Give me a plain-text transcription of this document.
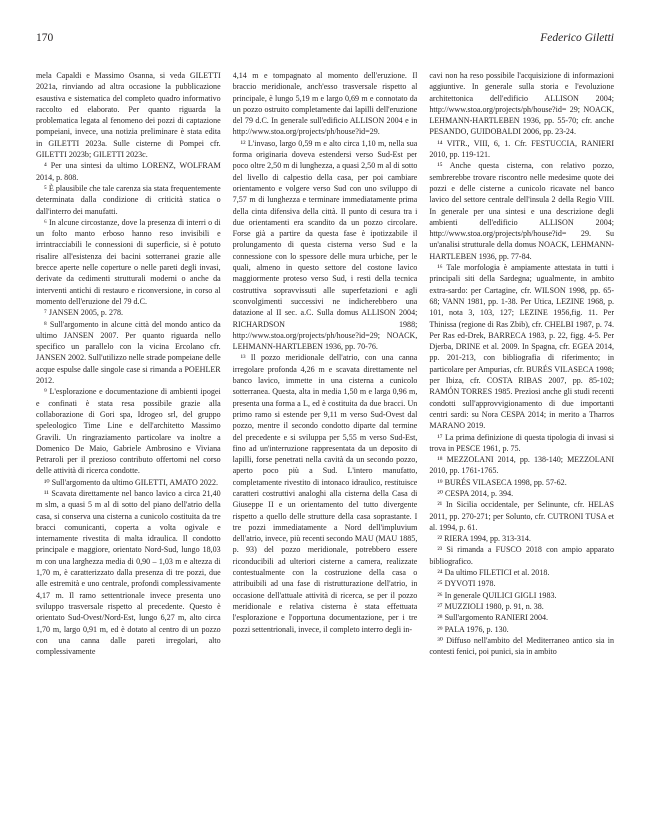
170	Federico Giletti

mela Capaldi e Massimo Osanna, si veda GILETTI 2021a, rinviando ad altra occasione la pubblicazione esaustiva e sistematica del completo quadro informativo raccolto ed elaborato. Per quanto riguarda la problematica legata al fenomeno dei pozzi di captazione pompeiani, invece, una notizia preliminare è stata edita in GILETTI 2023a. Sulle cisterne di Pompei cfr. GILETTI 2023b; GILETTI 2023c.

⁴ Per una sintesi da ultimo LORENZ, WOLFRAM 2014, p. 808.

⁵ È plausibile che tale carenza sia stata frequentemente determinata dalla condizione di criticità statica o dall'interro dei manufatti.

⁶ In alcune circostanze, dove la presenza di interri o di un folto manto erboso hanno reso invisibili e irrintracciabili le connessioni di superficie, si è potuto risalire all'esistenza dei bacini sotterranei grazie alle brecce aperte nelle coperture o nelle pareti degli invasi, derivate da cedimenti strutturali moderni o anche da interventi antichi di restauro e riconversione, in corso al momento dell'eruzione del 79 d.C.

⁷ JANSEN 2005, p. 278.

⁸ Sull'argomento in alcune città del mondo antico da ultimo JANSEN 2007. Per quanto riguarda nello specifico un parallelo con la vicina Ercolano cfr. JANSEN 2002. Sull'utilizzo nelle strade pompeiane delle acque espulse dalle singole case si rimanda a POEHLER 2012.

⁹ L'esplorazione e documentazione di ambienti ipogei e confinati è stata resa possibile grazie alla collaborazione di Gori spa, Idrogeo srl, del gruppo speleologico Time Line e dell'architetto Massimo Gravili. Un ringraziamento particolare va inoltre a Domenico De Maio, Gabriele Ambrosino e Viviana Petraroli per il prezioso contributo offertomi nel corso delle attività di ricerca condotte.

¹⁰ Sull'argomento da ultimo GILETTI, AMATO 2022.

¹¹ Scavata direttamente nel banco lavico a circa 21,40 m slm, a quasi 5 m al di sotto del piano dell'atrio della casa, si conserva una cisterna a cunicolo costituita da tre bracci comunicanti, coperta a volta ogivale e internamente rivestita di malta idraulica. Il condotto principale e maggiore, orientato Nord-Sud, lungo 18,03 m con una larghezza media di 0,90 – 1,03 m e altezza di 1,70 m, è caratterizzato dalla presenza di tre pozzi, due alle estremità e uno centrale, profondi complessivamente 4,17 m. Il ramo settentrionale invece presenta uno sviluppo trasversale rispetto al precedente. Questo è orientato Sud-Ovest/Nord-Est, lungo 6,27 m, alto circa 1,70 m, largo 0,91 m, ed è dotato al centro di un pozzo con una canna dalle pareti irregolari, alto complessivamente

4,14 m e tompagnato al momento dell'eruzione. Il braccio meridionale, anch'esso trasversale rispetto al principale, è lungo 5,19 m e largo 0,69 m e connotato da un pozzo ostruito completamente dai lapilli dell'eruzione del 79 d.C. In generale sull'edificio ALLISON 2004 e in http://www.stoa.org/projects/ph/house?id=29.

¹² L'invaso, largo 0,59 m e alto circa 1,10 m, nella sua forma originaria doveva estendersi verso Sud-Est per poco oltre 2,50 m di lunghezza, a quasi 2,50 m al di sotto del livello di calpestio della casa, per poi cambiare orientamento e volgere verso Sud con uno sviluppo di 7,57 m di lunghezza e terminare immediatamente prima della cinta difensiva della città. Il punto di cesura tra i due orientamenti era scandito da un pozzo circolare. Forse già a partire da questa fase è ipotizzabile il prolungamento di questa cisterna verso Sud e la connessione con lo spessore delle mura urbiche, per le quali, almeno in questo settore del costone lavico maggiormente proteso verso Sud, i resti della tecnica costruttiva sopravvissuti alle superfetazioni e agli sconvolgimenti successivi ne indicherebbero una datazione al II sec. a.C. Sulla domus ALLISON 2004; RICHARDSON 1988; http://www.stoa.org/projects/ph/house?id=29; NOACK, LEHMANN-HARTLEBEN 1936, pp. 70-76.

¹³ Il pozzo meridionale dell'atrio, con una canna irregolare profonda 4,26 m e scavata direttamente nel banco lavico, immette in una cisterna a cunicolo sotterranea. Questa, alta in media 1,50 m e larga 0,96 m, presenta una forma a L, ed è costituita da due bracci. Un primo ramo si estende per 9,11 m verso Sud-Ovest dal pozzo, mentre il secondo condotto diparte dal termine del precedente e si sviluppa per 5,55 m verso Sud-Est, fino ad un'interruzione rappresentata da un deposito di lapilli, forse penetrati nella cavità da un secondo pozzo, aperto poco più a Sud. L'intero manufatto, completamente rivestito di intonaco idraulico, restituisce caratteri costruttivi analoghi alla cisterna della Casa di Giuseppe II e un orientamento del tutto divergente rispetto a quello delle strutture della casa soprastante. I tre pozzi immediatamente a Nord dell'impluvium dell'atrio, invece, più recenti secondo MAU (MAU 1885, p. 93) del pozzo meridionale, potrebbero essere riconducibili ad ulteriori cisterne a camera, realizzate contestualmente con la costruzione della casa o attribuibili ad una fase di ristrutturazione dell'atrio, in occasione dell'attuale attività di ricerca, se per il pozzo meridionale e relativa cisterna è stata effettuata l'esplorazione e l'opportuna documentazione, per i tre pozzi settentrionali, invece, il completo interro degli in-

cavi non ha reso possibile l'acquisizione di informazioni aggiuntive. In generale sulla storia e l'evoluzione architettonica dell'edificio ALLISON 2004; http://www.stoa.org/projects/ph/house?id= 29; NOACK, LEHMANN-HARTLEBEN 1936, pp. 55-70; cfr. anche PESANDO, GUIDOBALDI 2006, pp. 23-24.

¹⁴ VITR., VIII, 6, 1. Cfr. FESTUCCIA, RANIERI 2010, pp. 119-121.

¹⁵ Anche questa cisterna, con relativo pozzo, sembrerebbe trovare riscontro nelle medesime quote dei pozzi e delle cisterne a cunicolo ricavate nel banco lavico del settore centrale dell'insula 2 della Regio VIII. In generale per una sintesi e una descrizione degli ambienti dell'edificio ALLISON 2004; http://www.stoa.org/projects/ph/house?id= 29. Su un'analisi strutturale della domus NOACK, LEHMANN-HARTLEBEN 1936, pp. 77-84.

¹⁶ Tale morfologia è ampiamente attestata in tutti i principali siti della Sardegna; ugualmente, in ambito extra-sardo: per Cartagine, cfr. WILSON 1998, pp. 65-68; VANN 1981, pp. 1-38. Per Utica, LEZINE 1968, p. 101, nota 3, 103, 127; LEZINE 1956,fig. 11. Per Thinissa (regione di Ras Zbib), cfr. CHELBI 1987, p. 74. Per Ras ed-Drek, BARRECA 1983, p. 22, figg. 4-5. Per Djerba, DRINE et al. 2009. In Spagna, cfr. EGEA 2014, pp. 201-213, con bibliografia di riferimento; in particolare per Ampurias, cfr. BURÉS VILASECA 1998; per Ibiza, cfr. COSTA RIBAS 2007, pp. 85-102; RAMÓN TORRES 1985. Preziosi anche gli studi recenti condotti sull'approvvigionamento di due importanti centri sardi: su Nora CESPA 2014; in merito a Tharros MARANO 2019.

¹⁷ La prima definizione di questa tipologia di invasi si trova in PESCE 1961, p. 75.

¹⁸ MEZZOLANI 2014, pp. 138-140; MEZZOLANI 2010, pp. 1761-1765.

¹⁹ BURÉS VILASECA 1998, pp. 57-62.

²⁰ CESPA 2014, p. 394.

²¹ In Sicilia occidentale, per Selinunte, cfr. HELAS 2011, pp. 270-271; per Solunto, cfr. CUTRONI TUSA et al. 1994, p. 61.

²² RIERA 1994, pp. 313-314.

²³ Si rimanda a FUSCO 2018 con ampio apparato bibliografico.

²⁴ Da ultimo FILETICI et al. 2018.

²⁵ DYVOTI 1978.

²⁶ In generale QUILICI GIGLI 1983.

²⁷ MUZZIOLI 1980, p. 91, n. 38.

²⁸ Sull'argomento RANIERI 2004.

²⁹ PALA 1976, p. 130.

³⁰ Diffuso nell'ambito del Mediterraneo antico sia in contesti fenici, poi punici, sia in ambito
